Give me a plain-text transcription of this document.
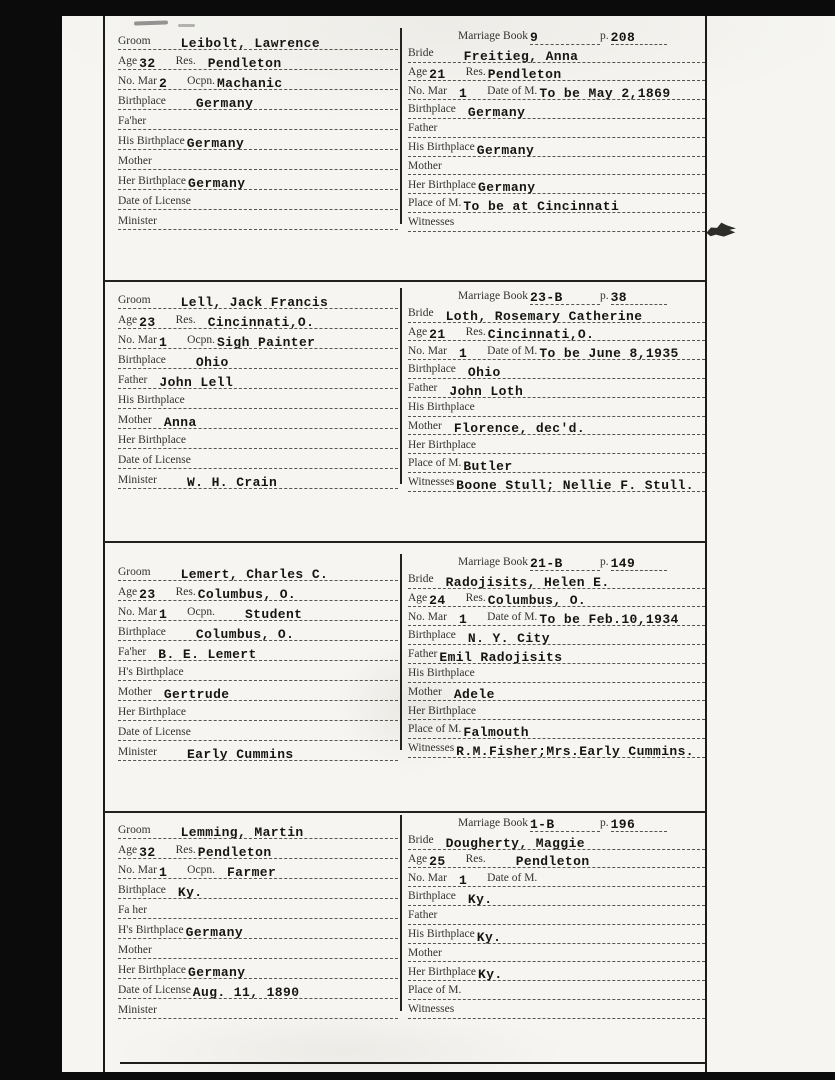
Groom Leibolt, Lawrence
Age 32 Res. Pendleton
No. Mar 2 Ocpn. Machanic
Birthplace Germany
Fa'her
His Birthplace Germany
Mother
Her Birthplace Germany
Date of License
Minister
Marriage Book 9	p. 208
Bride Freitieg, Anna
Age 21 Res. Pendleton
No. Mar 1 Date of M. To be May 2,1869
Birthplace Germany
Father
His Birthplace Germany
Mother
Her Birthplace Germany
Place of M. To be at Cincinnati
Witnesses
Groom Lell, Jack Francis
Age 23 Res. Cincinnati,O.
No. Mar 1 Ocpn. Sigh Painter
Birthplace Ohio
Father John Lell
His Birthplace
Mother Anna
Her Birthplace
Date of License
Minister W. H. Crain
Marriage Book 23-B	p. 38
Bride Loth, Rosemary Catherine
Age 21 Res. Cincinnati,O.
No. Mar 1 Date of M. To be June 8,1935
Birthplace Ohio
Father John Loth
His Birthplace
Mother Florence, dec'd.
Her Birthplace
Place of M. Butler
Witnesses Boone Stull; Nellie F. Stull.
Groom Lemert, Charles C.
Age 23 Res. Columbus, O.
No. Mar 1 Ocpn. Student
Birthplace Columbus, O.
Fa'her B. E. Lemert
H's Birthplace
Mother Gertrude
Her Birthplace
Date of License
Minister Early Cummins
Marriage Book 21-B	p. 149
Bride Radojisits, Helen E.
Age 24 Res. Columbus, O.
No. Mar 1 Date of M. To be Feb.10,1934
Birthplace N. Y. City
Father Emil Radojisits
His Birthplace
Mother Adele
Her Birthplace
Place of M. Falmouth
Witnesses R.M.Fisher;Mrs.Early Cummins.
Groom Lemming, Martin
Age 32 Res. Pendleton
No. Mar 1 Ocpn. Farmer
Birthplace Ky.
Fa her
H's Birthplace Germany
Mother
Her Birthplace Germany
Date of License Aug. 11, 1890
Minister
Marriage Book 1-B	p. 196
Bride Dougherty, Maggie
Age 25 Res. Pendleton
No. Mar 1 Date of M.
Birthplace Ky.
Father
His Birthplace Ky.
Mother
Her Birthplace Ky.
Place of M.
Witnesses
